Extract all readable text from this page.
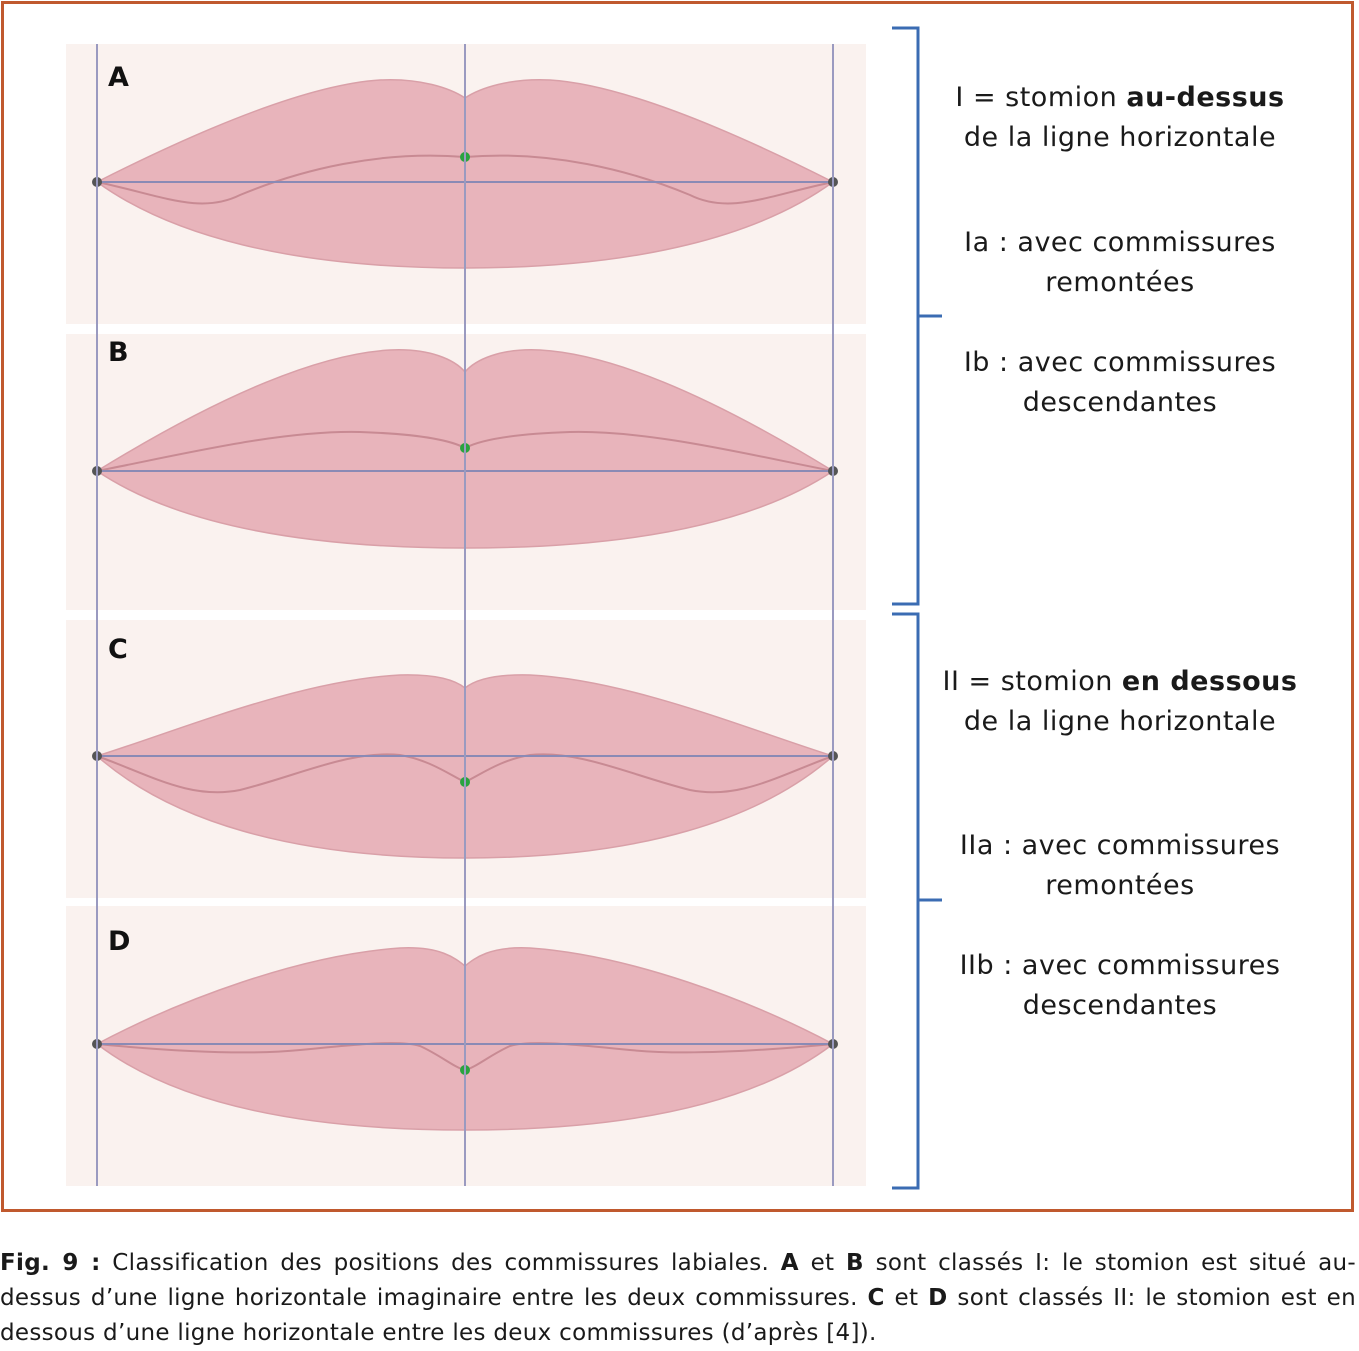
A
B
C
D
I = stomion au-dessus
de la ligne horizontale
Ia : avec commissures
remontées
Ib : avec commissures
descendantes
II = stomion en dessous
de la ligne horizontale
IIa : avec commissures
remontées
IIb : avec commissures
descendantes
Fig. 9 : Classification des positions des commissures labiales. A et B sont classés I: le stomion est situé au-dessus d’une ligne horizontale imaginaire entre les deux commissures. C et D sont classés II: le stomion est en dessous d’une ligne horizontale entre les deux commissures (d’après [4]).
